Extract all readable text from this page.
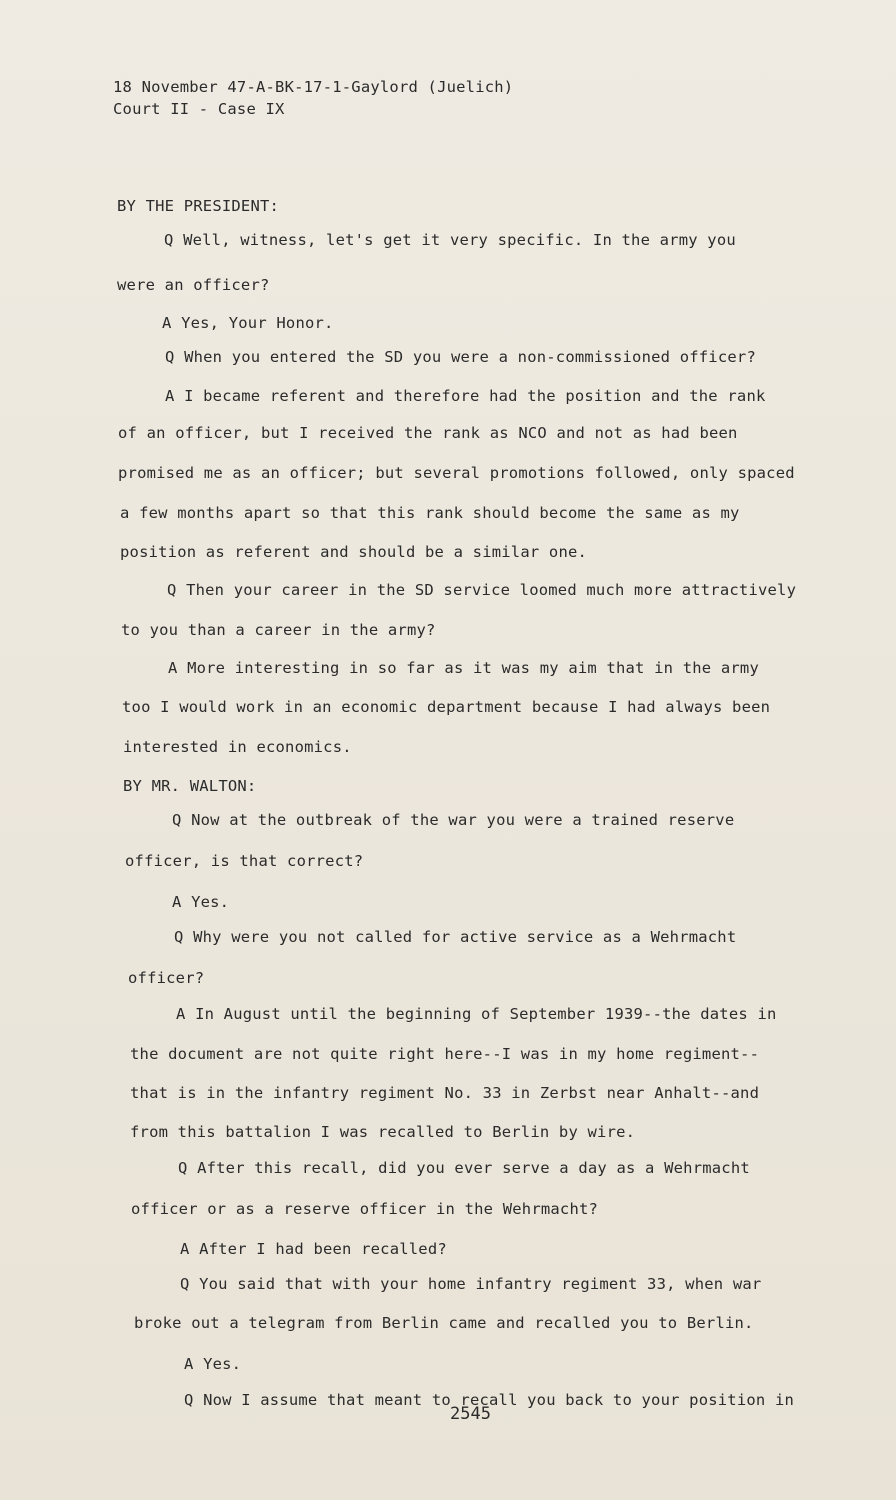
18 November 47-A-BK-17-1-Gaylord (Juelich)
Court II - Case IX
BY THE PRESIDENT:
Q Well, witness, let's get it very specific. In the army you
were an officer?
A Yes, Your Honor.
Q When you entered the SD you were a non-commissioned officer?
A I became referent and therefore had the position and the rank
of an officer, but I received the rank as NCO and not as had been
promised me as an officer; but several promotions followed, only spaced
a few months apart so that this rank should become the same as my
position as referent and should be a similar one.
Q Then your career in the SD service loomed much more attractively
to you than a career in the army?
A More interesting in so far as it was my aim that in the army
too I would work in an economic department because I had always been
interested in economics.
BY MR. WALTON:
Q Now at the outbreak of the war you were a trained reserve
officer, is that correct?
A Yes.
Q Why were you not called for active service as a Wehrmacht
officer?
A In August until the beginning of September 1939--the dates in
the document are not quite right here--I was in my home regiment--
that is in the infantry regiment No. 33 in Zerbst near Anhalt--and
from this battalion I was recalled to Berlin by wire.
Q After this recall, did you ever serve a day as a Wehrmacht
officer or as a reserve officer in the Wehrmacht?
A After I had been recalled?
Q You said that with your home infantry regiment 33, when war
broke out a telegram from Berlin came and recalled you to Berlin.
A Yes.
Q Now I assume that meant to recall you back to your position in
2545
